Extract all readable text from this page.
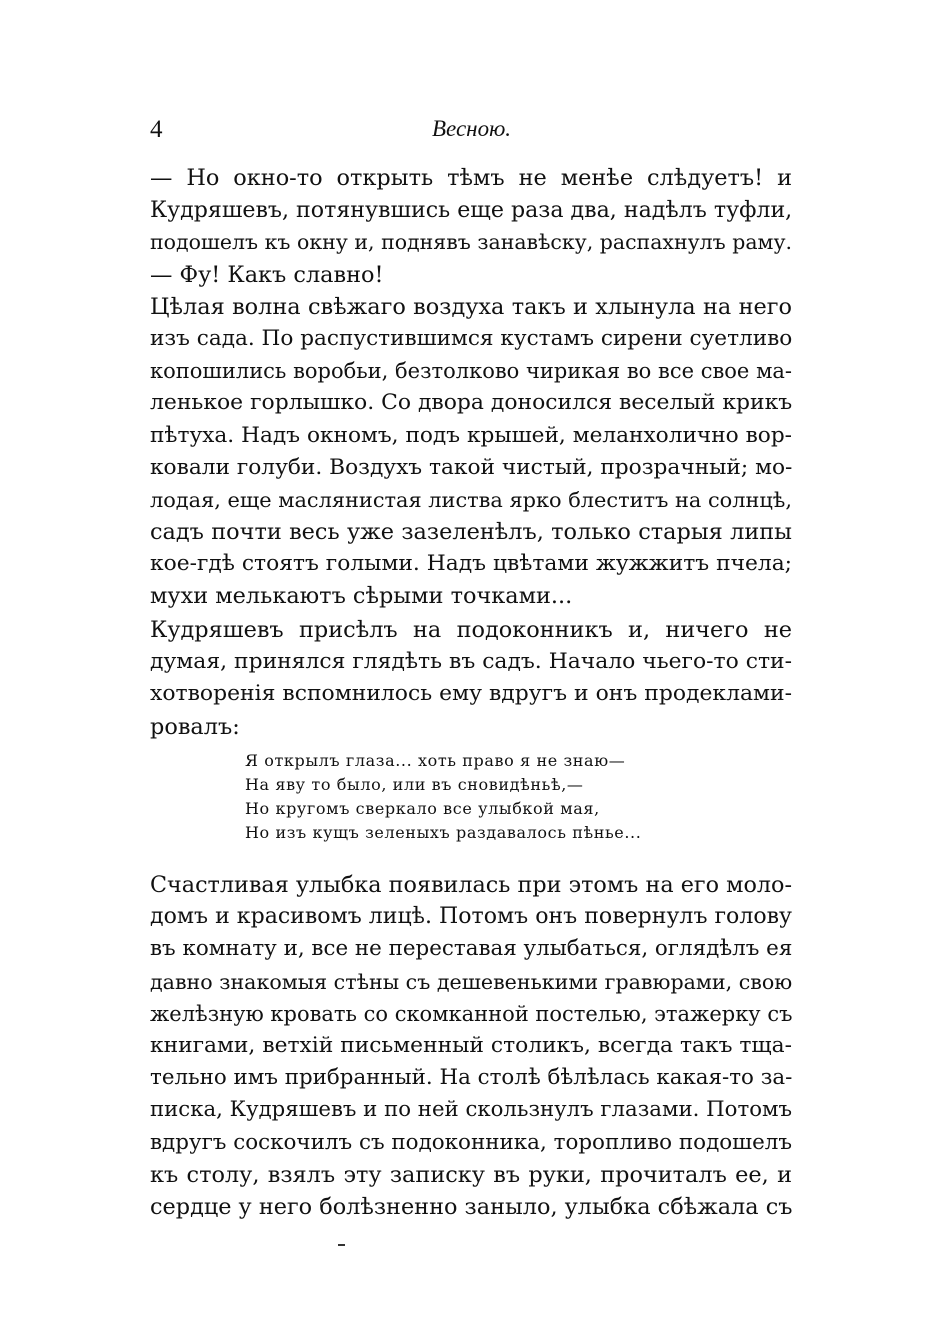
4	Весною.
— Но окно-то открыть тѣмъ не менѣе слѣдуетъ! и
Кудряшевъ, потянувшись еще раза два, надѣлъ туфли,
подошелъ къ окну и, поднявъ занавѣску, распахнулъ раму.
— Фу! Какъ славно!
Цѣлая волна свѣжаго воздуха такъ и хлынула на него
изъ сада. По распустившимся кустамъ сирени суетливо
копошились воробьи, безтолково чирикая во все свое ма-
ленькое горлышко. Со двора доносился веселый крикъ
пѣтуха. Надъ окномъ, подъ крышей, меланхолично вор-
ковали голуби. Воздухъ такой чистый, прозрачный; мо-
лодая, еще маслянистая листва ярко блеститъ на солнцѣ,
садъ почти весь уже зазеленѣлъ, только старыя липы
кое-гдѣ стоятъ голыми. Надъ цвѣтами жужжитъ пчела;
мухи мелькаютъ сѣрыми точками...
Кудряшевъ присѣлъ на подоконникъ и, ничего не
думая, принялся глядѣть въ садъ. Начало чьего-то сти-
хотворенія вспомнилось ему вдругъ и онъ продеклами-
ровалъ:
Я открылъ глаза... хоть право я не знаю—
На яву то было, или въ сновидѣньѣ,—
Но кругомъ сверкало все улыбкой мая,
Но изъ кущъ зеленыхъ раздавалось пѣнье...
Счастливая улыбка появилась при этомъ на его моло-
домъ и красивомъ лицѣ. Потомъ онъ повернулъ голову
въ комнату и, все не переставая улыбаться, оглядѣлъ ея
давно знакомыя стѣны съ дешевенькими гравюрами, свою
желѣзную кровать со скомканной постелью, этажерку съ
книгами, ветхій письменный столикъ, всегда такъ тща-
тельно имъ прибранный. На столѣ бѣлѣлась какая-то за-
писка, Кудряшевъ и по ней скользнулъ глазами. Потомъ
вдругъ соскочилъ съ подоконника, торопливо подошелъ
къ столу, взялъ эту записку въ руки, прочиталъ ее, и
сердце у него болѣзненно заныло, улыбка сбѣжала съ
